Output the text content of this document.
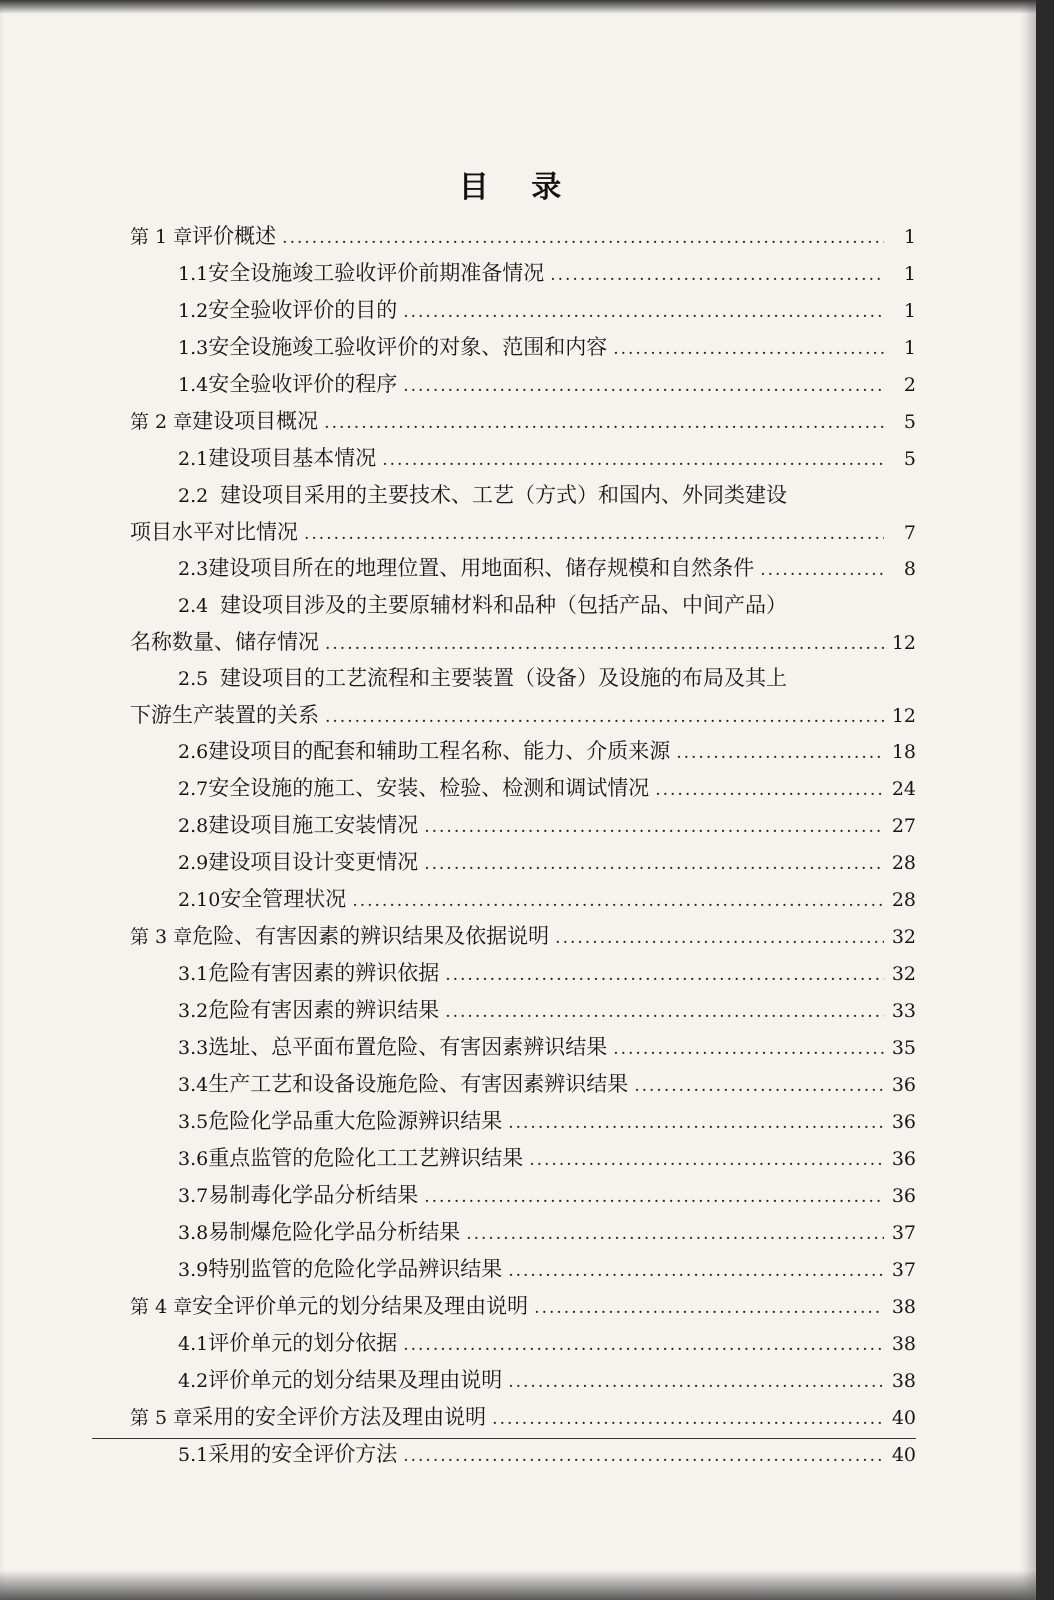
目 录
第 1 章 评价概述 .....	1
1.1 安全设施竣工验收评价前期准备情况 .....	1
1.2 安全验收评价的目的 .....	1
1.3 安全设施竣工验收评价的对象、范围和内容 .....	1
1.4 安全验收评价的程序 .....	2
第 2 章 建设项目概况 .....	5
2.1 建设项目基本情况 .....	5
2.2 建设项目采用的主要技术、工艺（方式）和国内、外同类建设
项目水平对比情况 .....	7
2.3 建设项目所在的地理位置、用地面积、储存规模和自然条件 .....	8
2.4 建设项目涉及的主要原辅材料和品种（包括产品、中间产品）
名称数量、储存情况 .....	12
2.5 建设项目的工艺流程和主要装置（设备）及设施的布局及其上
下游生产装置的关系 .....	12
2.6 建设项目的配套和辅助工程名称、能力、介质来源 .....	18
2.7 安全设施的施工、安装、检验、检测和调试情况 .....	24
2.8 建设项目施工安装情况 .....	27
2.9 建设项目设计变更情况 .....	28
2.10 安全管理状况 .....	28
第 3 章 危险、有害因素的辨识结果及依据说明 .....	32
3.1 危险有害因素的辨识依据 .....	32
3.2 危险有害因素的辨识结果 .....	33
3.3 选址、总平面布置危险、有害因素辨识结果 .....	35
3.4 生产工艺和设备设施危险、有害因素辨识结果 .....	36
3.5 危险化学品重大危险源辨识结果 .....	36
3.6 重点监管的危险化工工艺辨识结果 .....	36
3.7 易制毒化学品分析结果 .....	36
3.8 易制爆危险化学品分析结果 .....	37
3.9 特别监管的危险化学品辨识结果 .....	37
第 4 章 安全评价单元的划分结果及理由说明 .....	38
4.1 评价单元的划分依据 .....	38
4.2 评价单元的划分结果及理由说明 .....	38
第 5 章 采用的安全评价方法及理由说明 .....	40
5.1 采用的安全评价方法 .....	40
